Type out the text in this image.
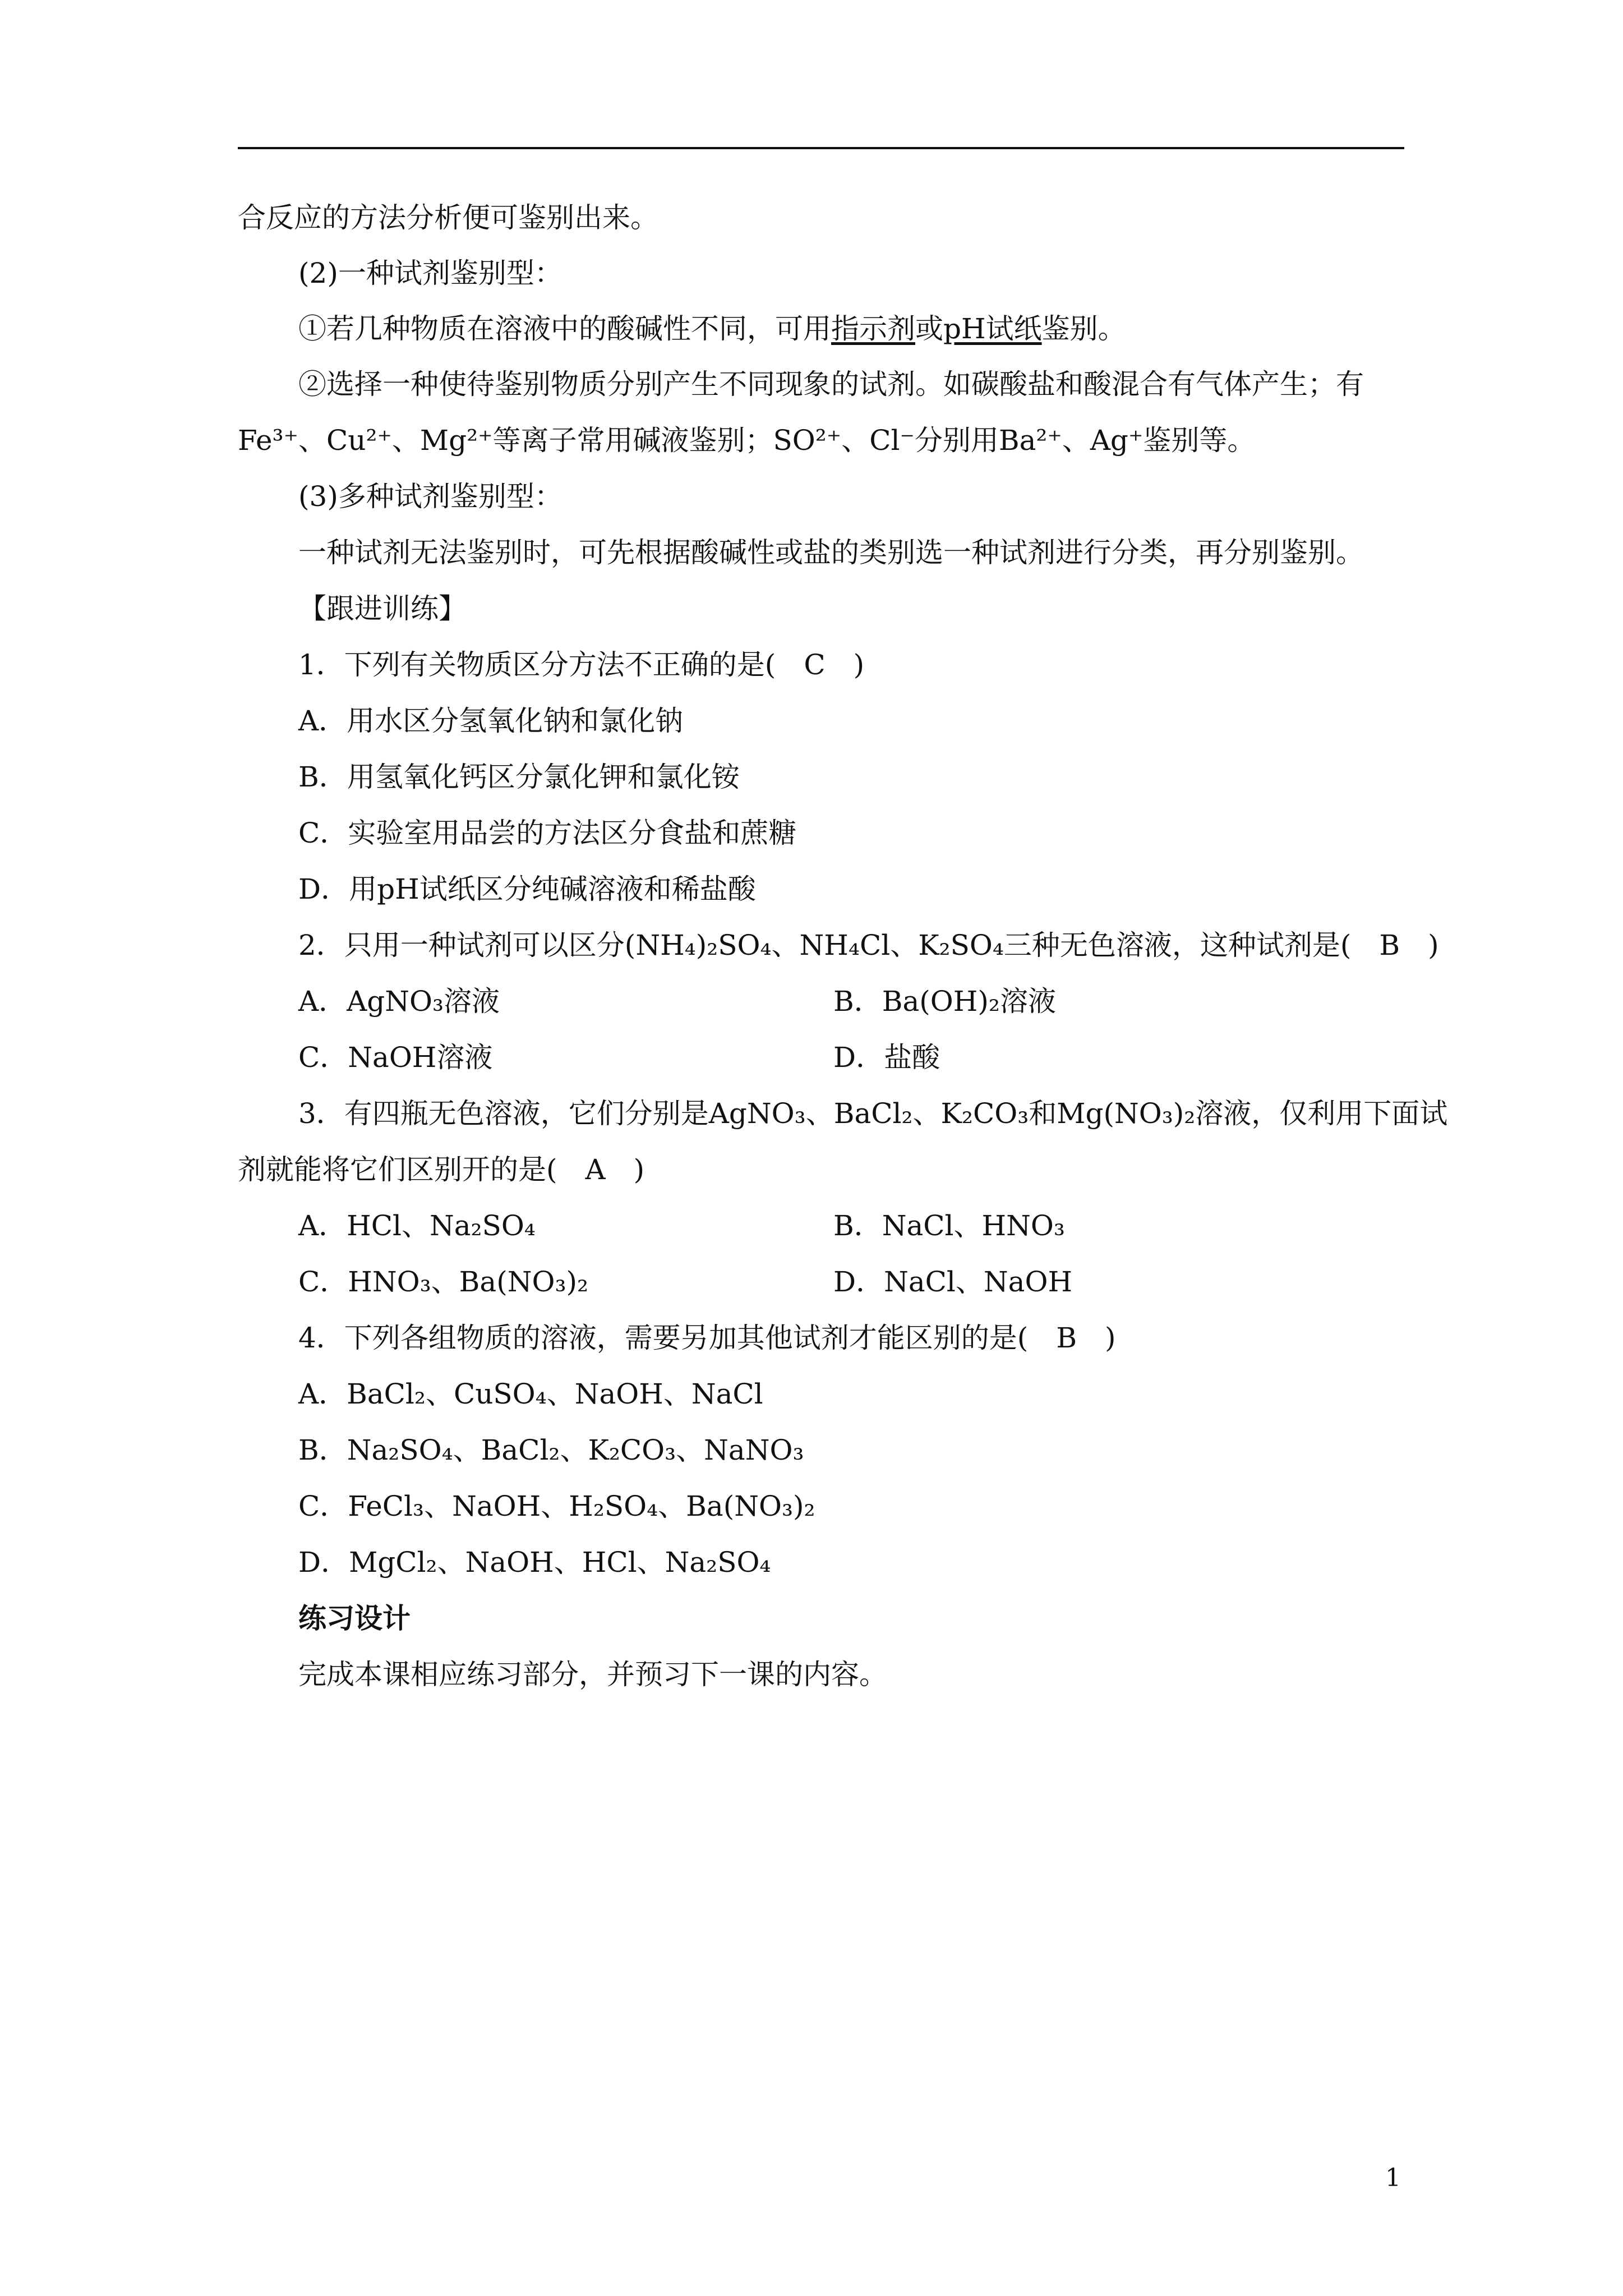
合反应的方法分析便可鉴别出来。
(2)一种试剂鉴别型：
①若几种物质在溶液中的酸碱性不同，可用指示剂或pH试纸鉴别。
②选择一种使待鉴别物质分别产生不同现象的试剂。如碳酸盐和酸混合有气体产生；有
Fe³⁺、Cu²⁺、Mg²⁺等离子常用碱液鉴别；SO²⁺、Cl⁻分别用Ba²⁺、Ag⁺鉴别等。
(3)多种试剂鉴别型：
一种试剂无法鉴别时，可先根据酸碱性或盐的类别选一种试剂进行分类，再分别鉴别。
【跟进训练】
1．下列有关物质区分方法不正确的是(　C　)
A．用水区分氢氧化钠和氯化钠
B．用氢氧化钙区分氯化钾和氯化铵
C．实验室用品尝的方法区分食盐和蔗糖
D．用pH试纸区分纯碱溶液和稀盐酸
2．只用一种试剂可以区分(NH₄)₂SO₄、NH₄Cl、K₂SO₄三种无色溶液，这种试剂是(　B　)
A．AgNO₃溶液	B．Ba(OH)₂溶液
C．NaOH溶液	D．盐酸
3．有四瓶无色溶液，它们分别是AgNO₃、BaCl₂、K₂CO₃和Mg(NO₃)₂溶液，仅利用下面试
剂就能将它们区别开的是(　A　)
A．HCl、Na₂SO₄	B．NaCl、HNO₃
C．HNO₃、Ba(NO₃)₂	D．NaCl、NaOH
4．下列各组物质的溶液，需要另加其他试剂才能区别的是(　B　)
A．BaCl₂、CuSO₄、NaOH、NaCl
B．Na₂SO₄、BaCl₂、K₂CO₃、NaNO₃
C．FeCl₃、NaOH、H₂SO₄、Ba(NO₃)₂
D．MgCl₂、NaOH、HCl、Na₂SO₄
练习设计
完成本课相应练习部分，并预习下一课的内容。
1
